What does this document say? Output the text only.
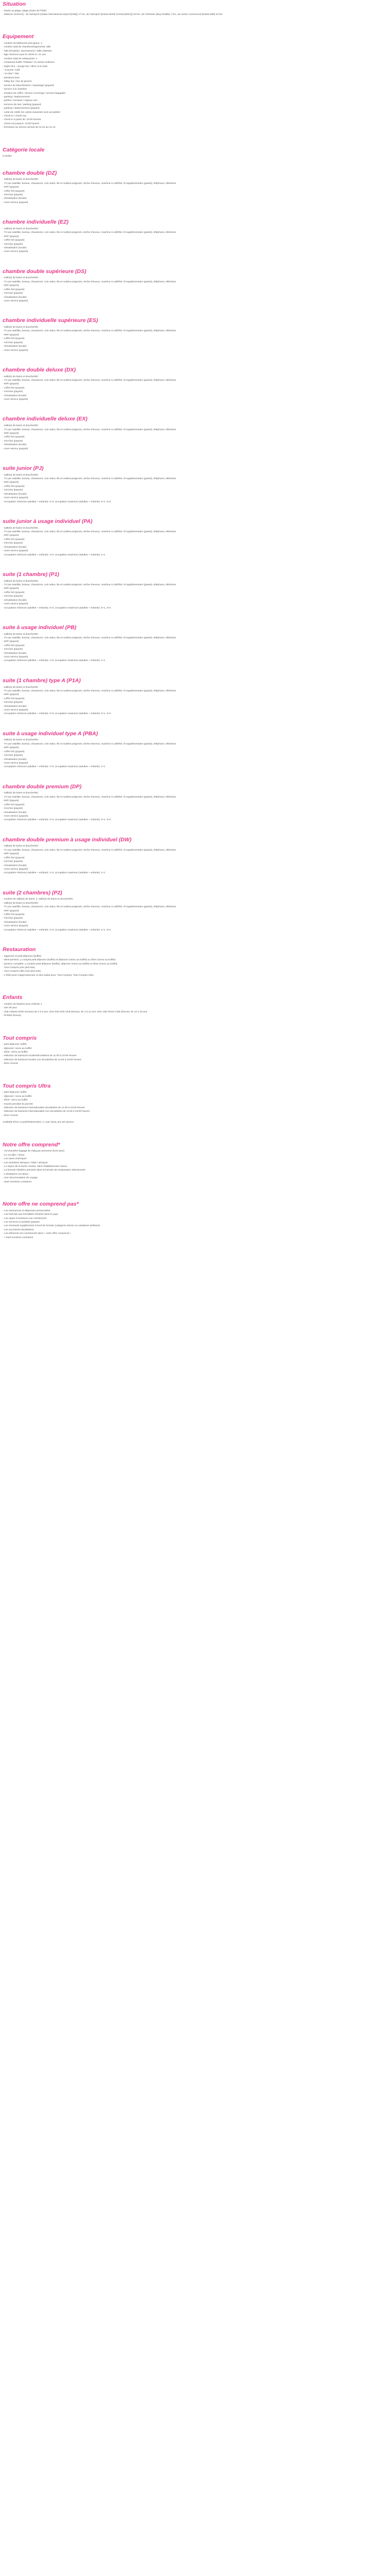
Situation
- située au plage, plage privée de l'hôtel
- distance (environ) : de l'aéroport (Dubai International Airport [DXB]) 17 km, de l'aéroport (Dubai World Central [DWC]) 20 km, de l'Athénée (Burj Khalifa) 7 km, du centre commercial (Dubai Mall) 10 km
Equipement
- nombre de bâtiments principaux: 1
- nombre total de chambres/logements: 388
- hall (réception, ascenseurs) / salle d'attente
- âge minimum pour le check-in: 21 ans
- nombre total de restaurants: 4
- restaurant buffet "Pakwan" et cuisine indienne
- Eight One - lounge bar / dîner à la carte
- "Luxuria" Café
- "Le Bar" / Bar
- plusieurs bars
- lobby bar / bar de piscine
- service de blanchisserie / repassage (payant)
- service à la chambre
- location de coffre / service concierge / service bagagiste
- parking / stationnement
- jardins / terrasse / espace vert
- services de taxi / parking (payant)
- parking / stationnement (payant)
- carte de crédit: les cartes suivantes sont acceptées
- check-in / check-out
- check-in à partir de: 15:00 heures
- check-out jusqu'à: 12:00 heures
- fermeture au service annuel de 01.01 au 31.12
Catégorie locale
5 étoiles
chambre double (DZ)
- salle(s) de bains et douche/WC
- TV par satellite, bureau, chaussons, coin salon, lits et nuitées peignoirs, sèche-cheveux, machine à café/thé, lit supplémentaire (gratuit), téléphone, télévision
- WiFi (payant)
- coffre-fort (payant)
- mini-bar (payant)
- climatisation (locale)
- room service (payant)
chambre individuelle (EZ)
- salle(s) de bains et douche/WC
- TV par satellite, bureau, chaussons, coin salon, lits et nuitées peignoirs, sèche-cheveux, machine à café/thé, lit supplémentaire (gratuit), téléphone, télévision
- WiFi (payant)
- coffre-fort (payant)
- mini-bar (payant)
- climatisation (locale)
- room service (payant)
chambre double supérieure (DS)
- salle(s) de bains et douche/WC
- TV par satellite, bureau, chaussons, coin salon, lits et nuitées peignoirs, sèche-cheveux, machine à café/thé, lit supplémentaire (gratuit), téléphone, télévision
- WiFi (payant)
- coffre-fort (payant)
- mini-bar (payant)
- climatisation (locale)
- room service (payant)
chambre individuelle supérieure (ES)
- salle(s) de bains et douche/WC
- TV par satellite, bureau, chaussons, coin salon, lits et nuitées peignoirs, sèche-cheveux, machine à café/thé, lit supplémentaire (gratuit), téléphone, télévision
- WiFi (payant)
- coffre-fort (payant)
- mini-bar (payant)
- climatisation (locale)
- room service (payant)
chambre double deluxe (DX)
- salle(s) de bains et douche/WC
- TV par satellite, bureau, chaussons, coin salon, lits et nuitées peignoirs, sèche-cheveux, machine à café/thé, lit supplémentaire (gratuit), téléphone, télévision
- WiFi (payant)
- coffre-fort (payant)
- mini-bar (payant)
- climatisation (locale)
- room service (payant)
chambre individuelle deluxe (EX)
- salle(s) de bains et douche/WC
- TV par satellite, bureau, chaussons, coin salon, lits et nuitées peignoirs, sèche-cheveux, machine à café/thé, lit supplémentaire (gratuit), téléphone, télévision
- WiFi (payant)
- coffre-fort (payant)
- mini-bar (payant)
- climatisation (locale)
- room service (payant)
suite junior (PJ)
- salle(s) de bains et douche/WC
- TV par satellite, bureau, chaussons, coin salon, lits et nuitées peignoirs, sèche-cheveux, machine à café/thé, lit supplémentaire (gratuit), téléphone, télévision
- WiFi (payant)
- coffre-fort (payant)
- mini-bar (payant)
- climatisation (locale)
- room service (payant)
- occupation minimum (adultes + enfants): 2+0, occupation maximum (adultes + enfants): 3+1, 3+0
suite junior à usage individuel (PA)
- salle(s) de bains et douche/WC
- TV par satellite, bureau, chaussons, coin salon, lits et nuitées peignoirs, sèche-cheveux, machine à café/thé, lit supplémentaire (gratuit), téléphone, télévision
- WiFi (payant)
- coffre-fort (payant)
- mini-bar (payant)
- climatisation (locale)
- room service (payant)
- occupation minimum (adultes + enfants): 1+0, occupation maximum (adultes + enfants): 1+1
suite (1 chambre) (P1)
- salle(s) de bains et douche/WC
- TV par satellite, bureau, chaussons, coin salon, lits et nuitées peignoirs, sèche-cheveux, machine à café/thé, lit supplémentaire (gratuit), téléphone, télévision
- WiFi (payant)
- coffre-fort (payant)
- mini-bar (payant)
- climatisation (locale)
- room service (payant)
- occupation minimum (adultes + enfants): 2+0, occupation maximum (adultes + enfants): 3+1, 3+0
suite à usage individuel (PB)
- salle(s) de bains et douche/WC
- TV par satellite, bureau, chaussons, coin salon, lits et nuitées peignoirs, sèche-cheveux, machine à café/thé, lit supplémentaire (gratuit), téléphone, télévision
- WiFi (payant)
- coffre-fort (payant)
- mini-bar (payant)
- climatisation (locale)
- room service (payant)
- occupation minimum (adultes + enfants): 1+0, occupation maximum (adultes + enfants): 1+1
suite (1 chambre) type A (P1A)
- salle(s) de bains et douche/WC
- TV par satellite, bureau, chaussons, coin salon, lits et nuitées peignoirs, sèche-cheveux, machine à café/thé, lit supplémentaire (gratuit), téléphone, télévision
- WiFi (payant)
- coffre-fort (payant)
- mini-bar (payant)
- climatisation (locale)
- room service (payant)
- occupation minimum (adultes + enfants): 2+0, occupation maximum (adultes + enfants): 3+1, 3+0
suite à usage individuel type A (PBA)
- salle(s) de bains et douche/WC
- TV par satellite, bureau, chaussons, coin salon, lits et nuitées peignoirs, sèche-cheveux, machine à café/thé, lit supplémentaire (gratuit), téléphone, télévision
- WiFi (payant)
- coffre-fort (payant)
- mini-bar (payant)
- climatisation (locale)
- room service (payant)
- occupation minimum (adultes + enfants): 1+0, occupation maximum (adultes + enfants): 1+1
chambre double premium (DP)
- salle(s) de bains et douche/WC
- TV par satellite, bureau, chaussons, coin salon, lits et nuitées peignoirs, sèche-cheveux, machine à café/thé, lit supplémentaire (gratuit), téléphone, télévision
- WiFi (payant)
- coffre-fort (payant)
- mini-bar (payant)
- climatisation (locale)
- room service (payant)
- occupation minimum (adultes + enfants): 2+0, occupation maximum (adultes + enfants): 3+1, 3+0
chambre double premium à usage individuel (DW)
- salle(s) de bains et douche/WC
- TV par satellite, bureau, chaussons, coin salon, lits et nuitées peignoirs, sèche-cheveux, machine à café/thé, lit supplémentaire (gratuit), téléphone, télévision
- WiFi (payant)
- coffre-fort (payant)
- mini-bar (payant)
- climatisation (locale)
- room service (payant)
- occupation minimum (adultes + enfants): 1+0, occupation maximum (adultes + enfants): 1+1
suite (2 chambres) (P2)
- nombre de salle(s) de bains: 2, salle(s) de bains et douche/WC
- salle(s) de bains et douche/WC
- TV par satellite, bureau, chaussons, coin salon, lits et nuitées peignoirs, sèche-cheveux, machine à café/thé, lit supplémentaire (gratuit), téléphone, télévision
- WiFi (payant)
- coffre-fort (payant)
- mini-bar (payant)
- climatisation (locale)
- room service (payant)
- occupation minimum (adultes + enfants): 2+0, occupation maximum (adultes + enfants): 4+1, 5+0
Restauration
- logement et petit déjeuner (buffet)
- demi-pension, y compris petit déjeuner (buffet) et déjeuner (menu au buffet) ou dîner (menu au buffet)
- pension complète, y compris petit déjeuner (buffet), déjeuner (menu au buffet) et dîner (menu au buffet)
- Tout Compris (voir plus bas)
- Tout Compris Ultra (voir plus bas)
- L'hôtel peut s'approvisionner et des sodas pour: Tout Compris, Tout Compris Ultra
Enfants
- nombre de bassins pour enfants: 1
- aire de jeux
- club enfants (Kids Section) de 2 à 5 ans, mini-club Kids Club (bonus), de 4 à 12 ans, teen club Teens Club (bonus), de 12 à 18 ans
- lit bébé (bonus)
Tout compris
- petit déjeuner: buffet
- déjeuner: menu au buffet
- dîner: menu au buffet
- sélection de boissons locales/alcoolisées de 11:00 à 23:00 heures
- sélection de boissons locales non alcoolisées de 11:00 à 23:00 heures
- Dine Around
Tout compris Ultra
- petit déjeuner: buffet
- déjeuner: menu au buffet
- dîner: menu au buffet
- snacks pendant la journée
- sélection de boissons internationales alcoolisées de 11:00 à 23:00 heures
- sélection de boissons internationales non alcoolisées de 11:00 à 23:00 heures
- Dine Around
Available (from a pool/whitesmoke), 1 x per (seat, per per person.
Notre offre comprend*
- Vol (transfert bagage de 23kg par personne (hors taxe)
- Le vol aller / retour
- Les taxes d'aéroport
- Les transferts aéroport / hôtel / aéroport
- Le séjour de la durée choisie, dans l'établissement retenu
- La formule hôtelière précisée dans la formule de restauration sélectionnée
- L'assistance sur place
- Une documentation de voyage
- Sauf mentions contraires
Notre offre ne comprend pas*
- Les assurances et dépenses personnelles
- Les frais liés aux formalités d'entrée dans le pays
- Les repas et boissons non mentionnés
- Les services et activités payants
- Les éventuels suppléments à bord de formule (catégorie d'avion ou variations tarifaires)
- Les excursions facultatives
- Les éléments non mentionnés dans « notre offre comprend »
- * Sauf mentions contraires
